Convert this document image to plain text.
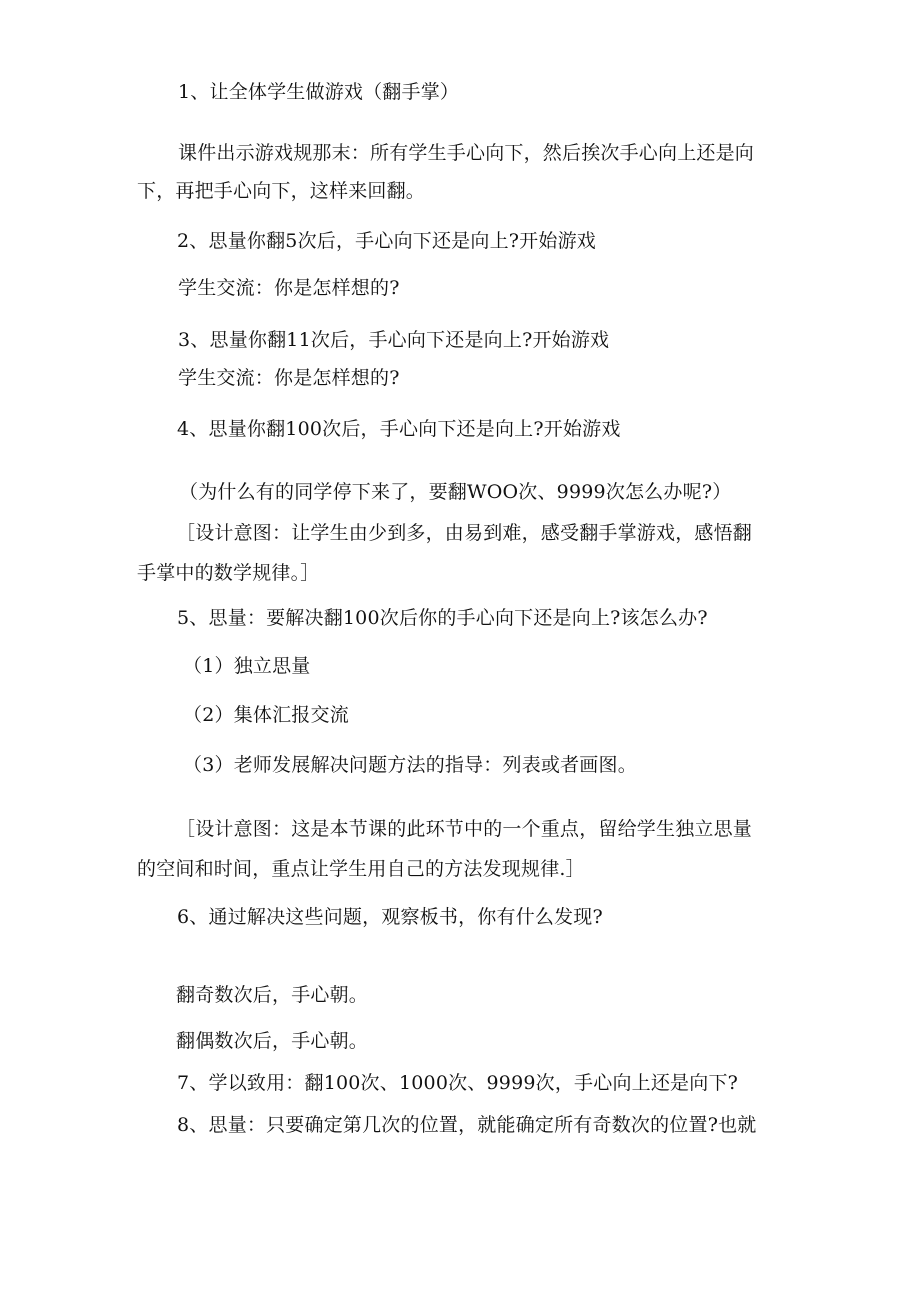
1、让全体学生做游戏（翻手掌）
课件出示游戏规那末：所有学生手心向下，然后挨次手心向上还是向
下，再把手心向下，这样来回翻。
2、思量你翻5次后，手心向下还是向上?开始游戏
学生交流：你是怎样想的?
3、思量你翻11次后，手心向下还是向上?开始游戏
学生交流：你是怎样想的?
4、思量你翻100次后，手心向下还是向上?开始游戏
（为什么有的同学停下来了，要翻WOO次、9999次怎么办呢?）
［设计意图：让学生由少到多，由易到难，感受翻手掌游戏，感悟翻
手掌中的数学规律。］
5、思量：要解决翻100次后你的手心向下还是向上?该怎么办?
（1）独立思量
（2）集体汇报交流
（3）老师发展解决问题方法的指导：列表或者画图。
［设计意图：这是本节课的此环节中的一个重点，留给学生独立思量
的空间和时间，重点让学生用自己的方法发现规律.］
6、通过解决这些问题，观察板书，你有什么发现?
翻奇数次后，手心朝。
翻偶数次后，手心朝。
7、学以致用：翻100次、1000次、9999次，手心向上还是向下?
8、思量：只要确定第几次的位置，就能确定所有奇数次的位置?也就
